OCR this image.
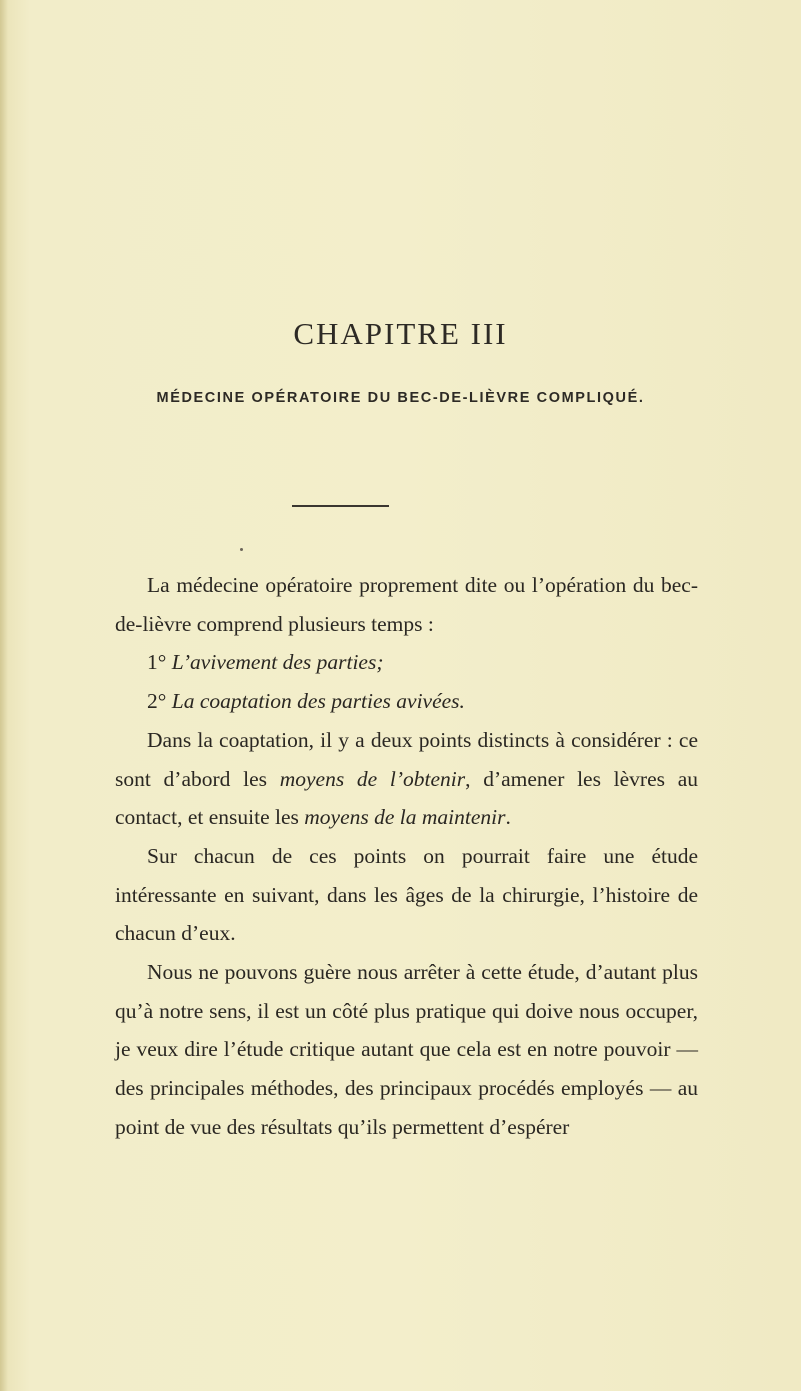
CHAPITRE III
MÉDECINE OPÉRATOIRE DU BEC-DE-LIÈVRE COMPLIQUÉ.

La médecine opératoire proprement dite ou l’opération du bec-de-lièvre comprend plusieurs temps :

1° L’avivement des parties;

2° La coaptation des parties avivées.

Dans la coaptation, il y a deux points distincts à considérer : ce sont d’abord les moyens de l’obtenir, d’amener les lèvres au contact, et ensuite les moyens de la maintenir.

Sur chacun de ces points on pourrait faire une étude intéressante en suivant, dans les âges de la chirurgie, l’histoire de chacun d’eux.

Nous ne pouvons guère nous arrêter à cette étude, d’autant plus qu’à notre sens, il est un côté plus pratique qui doive nous occuper, je veux dire l’étude critique autant que cela est en notre pouvoir — des principales méthodes, des principaux procédés employés — au point de vue des résultats qu’ils permettent d’espérer
